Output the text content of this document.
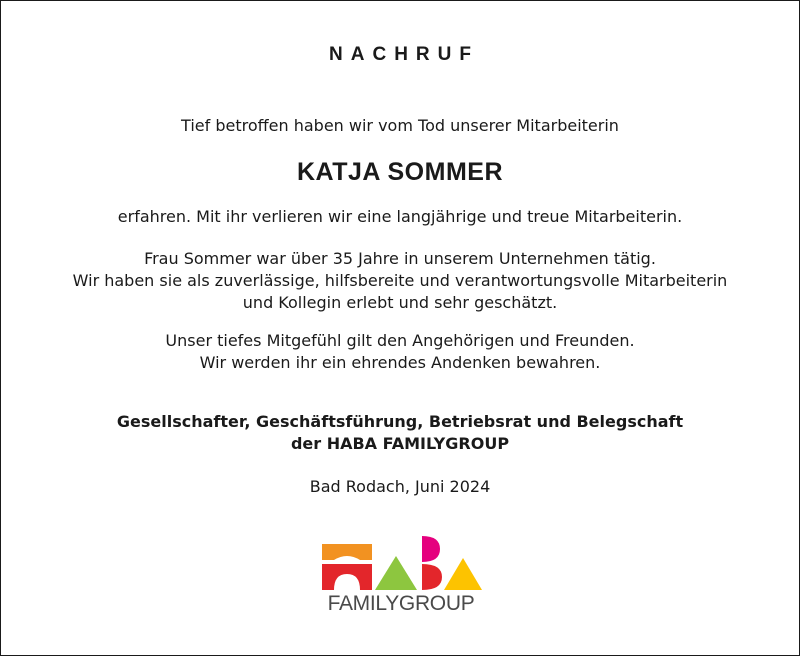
NACHRUF
Tief betroffen haben wir vom Tod unserer Mitarbeiterin
KATJA SOMMER
erfahren. Mit ihr verlieren wir eine langjährige und treue Mitarbeiterin.
Frau Sommer war über 35 Jahre in unserem Unternehmen tätig.
Wir haben sie als zuverlässige, hilfsbereite und verantwortungsvolle Mitarbeiterin
und Kollegin erlebt und sehr geschätzt.
Unser tiefes Mitgefühl gilt den Angehörigen und Freunden.
Wir werden ihr ein ehrendes Andenken bewahren.
Gesellschafter, Geschäftsführung, Betriebsrat und Belegschaft
der HABA FAMILYGROUP
Bad Rodach, Juni 2024
FAMILYGROUP
